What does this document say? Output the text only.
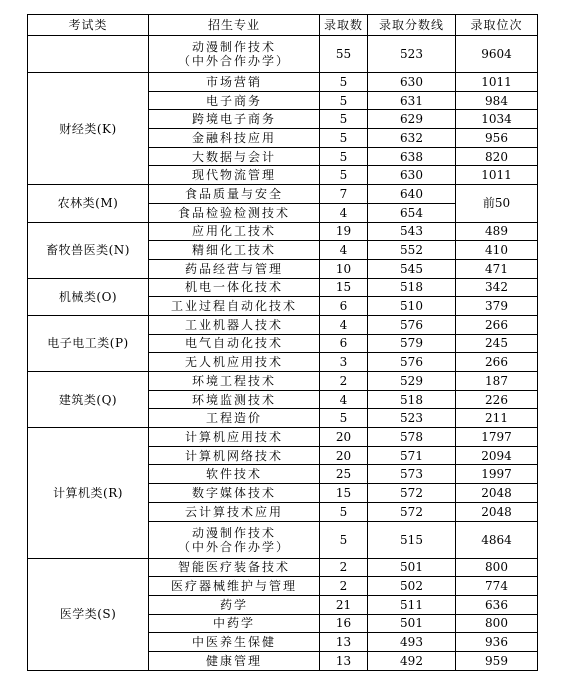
考试类	招生专业	录取数	录取分数线	录取位次

	动漫制作技术
（中外合作办学）	55	523	9604
财经类(K)	市场营销	5	630	1011

	电子商务	5	631	984

	跨境电子商务	5	629	1034

	金融科技应用	5	632	956

	大数据与会计	5	638	820

	现代物流管理	5	630	1011
农林类(M)	食品质量与安全	7	640	前50

	食品检验检测技术	4	654	
畜牧兽医类(N)	应用化工技术	19	543	489

	精细化工技术	4	552	410

	药品经营与管理	10	545	471
机械类(O)	机电一体化技术	15	518	342

	工业过程自动化技术	6	510	379
电子电工类(P)	工业机器人技术	4	576	266

	电气自动化技术	6	579	245

	无人机应用技术	3	576	266
建筑类(Q)	环境工程技术	2	529	187

	环境监测技术	4	518	226

	工程造价	5	523	211
计算机类(R)	计算机应用技术	20	578	1797

	计算机网络技术	20	571	2094

	软件技术	25	573	1997

	数字媒体技术	15	572	2048

	云计算技术应用	5	572	2048

	动漫制作技术
（中外合作办学）	5	515	4864
医学类(S)	智能医疗装备技术	2	501	800

	医疗器械维护与管理	2	502	774

	药学	21	511	636

	中药学	16	501	800

	中医养生保健	13	493	936

	健康管理	13	492	959
